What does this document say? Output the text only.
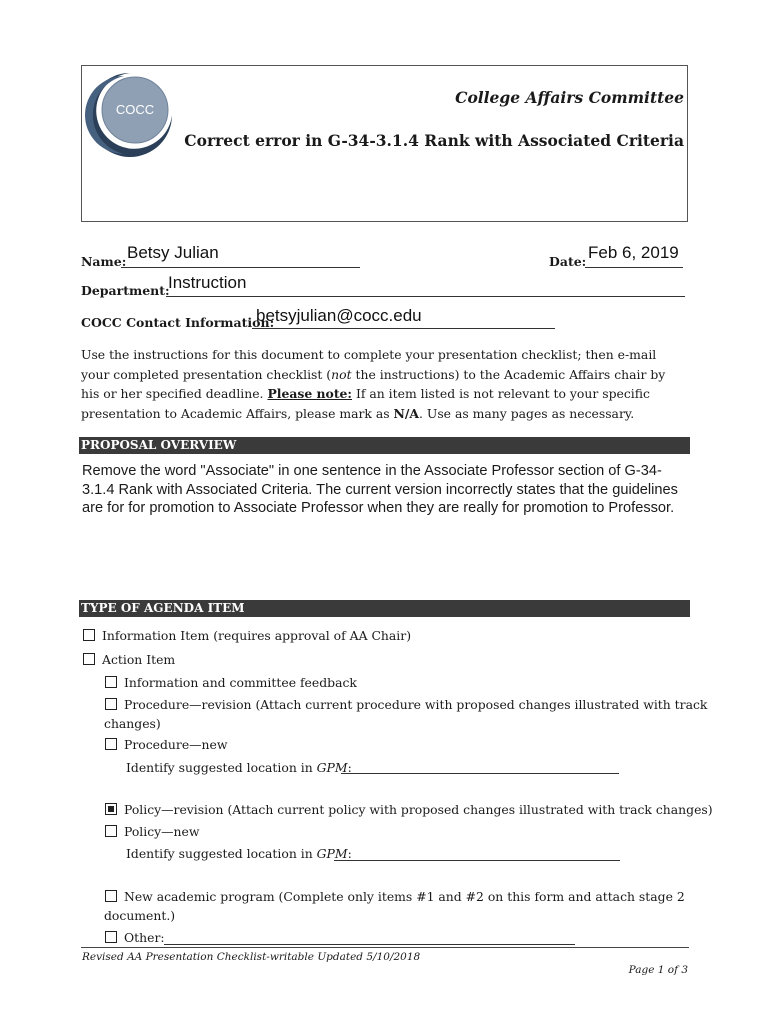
COCC
College Affairs Committee
Correct error in G-34-3.1.4 Rank with Associated Criteria
Name: Betsy Julian	Date: Feb 6, 2019
Department:
Instruction
COCC Contact Information:
betsyjulian@cocc.edu
Use the instructions for this document to complete your presentation checklist; then e-mail your completed presentation checklist (not the instructions) to the Academic Affairs chair by his or her specified deadline. Please note: If an item listed is not relevant to your specific presentation to Academic Affairs, please mark as N/A. Use as many pages as necessary.
PROPOSAL OVERVIEW
Remove the word "Associate" in one sentence in the Associate Professor section of G-34-3.1.4 Rank with Associated Criteria. The current version incorrectly states that the guidelines are for for promotion to Associate Professor when they are really for promotion to Professor.
TYPE OF AGENDA ITEM
Information Item (requires approval of AA Chair)
Action Item
Information and committee feedback
Procedure—revision (Attach current procedure with proposed changes illustrated with track
changes)
Procedure—new
Identify suggested location in GPM:
Policy—revision (Attach current policy with proposed changes illustrated with track changes)
Policy—new
Identify suggested location in GPM:
New academic program (Complete only items #1 and #2 on this form and attach stage 2
document.)
Other:
Revised AA Presentation Checklist-writable Updated 5/10/2018
Page 1 of 3
